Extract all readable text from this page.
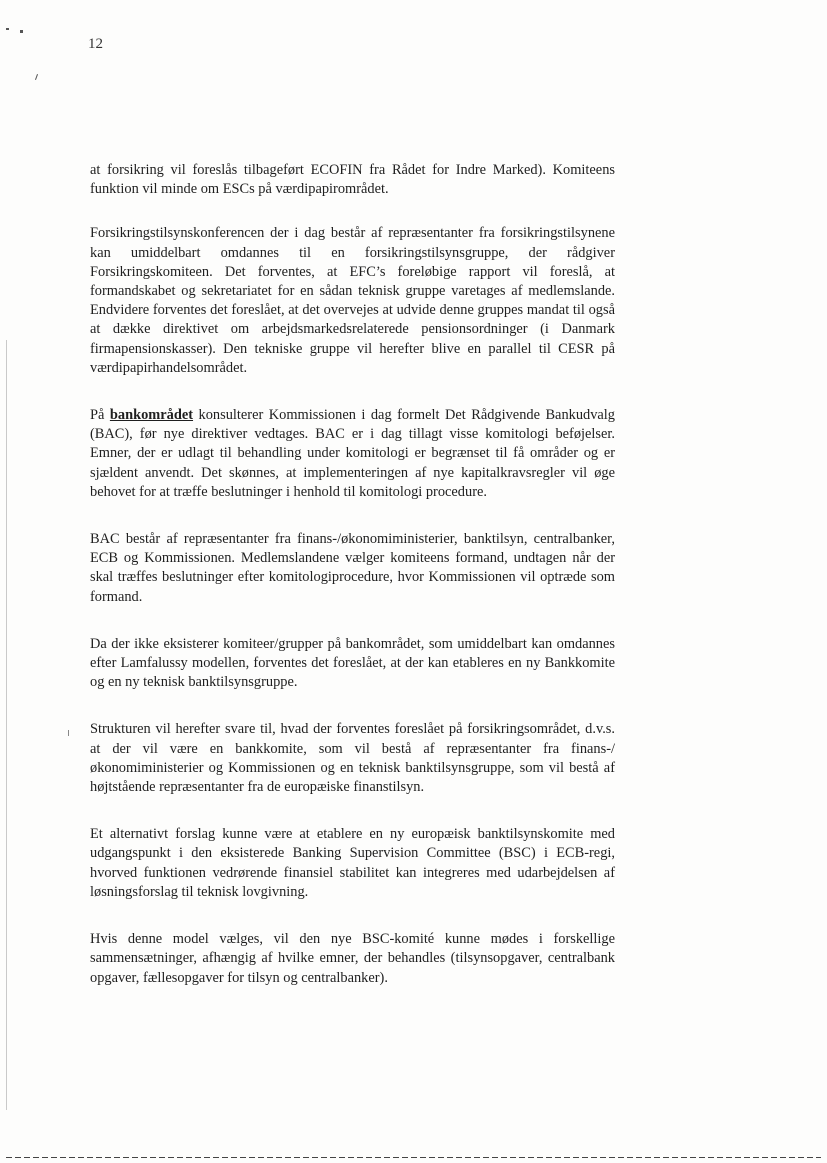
12

at forsikring vil foreslås tilbageført ECOFIN fra Rådet for Indre Marked). Komiteens funktion vil minde om ESCs på værdipapirområdet.

Forsikringstilsynskonferencen der i dag består af repræsentanter fra forsikringstilsynene kan umiddelbart omdannes til en forsikringstilsynsgruppe, der rådgiver Forsikringskomiteen. Det forventes, at EFC’s foreløbige rapport vil foreslå, at formandskabet og sekretariatet for en sådan teknisk gruppe varetages af medlemslande. Endvidere forventes det foreslået, at det overvejes at udvide denne gruppes mandat til også at dække direktivet om arbejdsmarkedsrelaterede pensionsordninger (i Danmark firmapensionskasser). Den tekniske gruppe vil herefter blive en parallel til CESR på værdipapirhandelsområdet.

På bankområdet konsulterer Kommissionen i dag formelt Det Rådgivende Bankudvalg (BAC), før nye direktiver vedtages. BAC er i dag tillagt visse komitologi beføjelser. Emner, der er udlagt til behandling under komitologi er begrænset til få områder og er sjældent anvendt. Det skønnes, at implementeringen af nye kapitalkravsregler vil øge behovet for at træffe beslutninger i henhold til komitologi procedure.

BAC består af repræsentanter fra finans-/økonomiministerier, banktilsyn, centralbanker, ECB og Kommissionen. Medlemslandene vælger komiteens formand, undtagen når der skal træffes beslutninger efter komitologiprocedure, hvor Kommissionen vil optræde som formand.

Da der ikke eksisterer komiteer/grupper på bankområdet, som umiddelbart kan omdannes efter Lamfalussy modellen, forventes det foreslået, at der kan etableres en ny Bankkomite og en ny teknisk banktilsynsgruppe.

Strukturen vil herefter svare til, hvad der forventes foreslået på forsikringsområdet, d.v.s. at der vil være en bankkomite, som vil bestå af repræsentanter fra finans-/økonomiministerier og Kommissionen og en teknisk banktilsynsgruppe, som vil bestå af højtstående repræsentanter fra de europæiske finanstilsyn.

Et alternativt forslag kunne være at etablere en ny europæisk banktilsynskomite med udgangspunkt i den eksisterede Banking Supervision Committee (BSC) i ECB-regi, hvorved funktionen vedrørende finansiel stabilitet kan integreres med udarbejdelsen af løsningsforslag til teknisk lovgivning.

Hvis denne model vælges, vil den nye BSC-komité kunne mødes i forskellige sammensætninger, afhængig af hvilke emner, der behandles (tilsynsopgaver, centralbank opgaver, fællesopgaver for tilsyn og centralbanker).
